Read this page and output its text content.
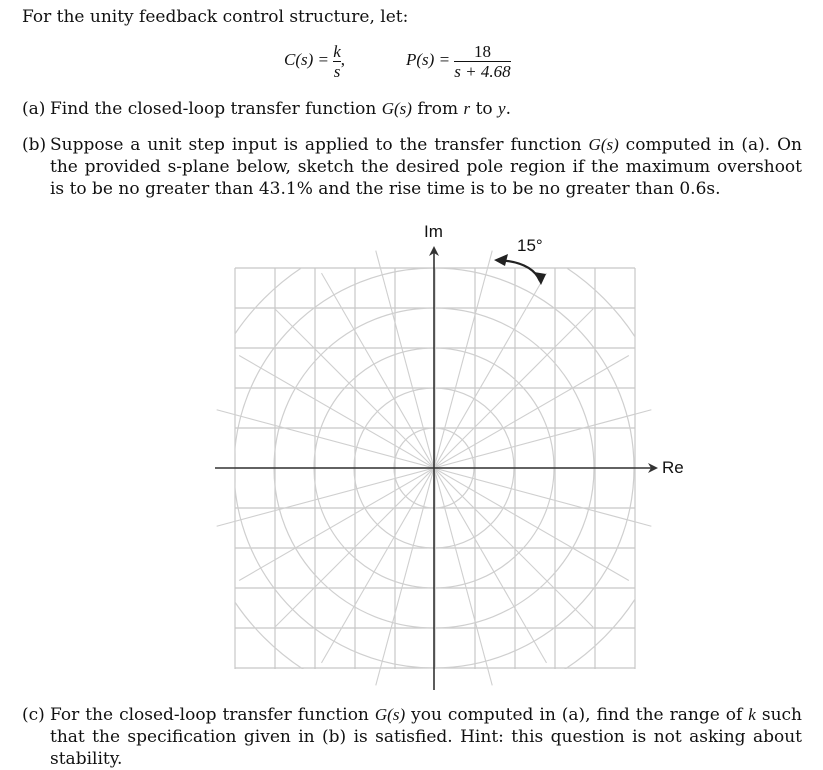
For the unity feedback control structure, let:
$C(s) = \frac{k}{s}$ ,	$P(s) = \frac{18}{s + 4.68}$
(a) Find the closed-loop transfer function G(s) from r to y.
(b) Suppose a unit step input is applied to the transfer function G(s) computed in (a). On the provided s-plane below, sketch the desired pole region if the maximum overshoot is to be no greater than 43.1% and the rise time is to be no greater than 0.6s.
Im
Re
15°
(c) For the closed-loop transfer function G(s) you computed in (a), find the range of k such that the specification given in (b) is satisfied. Hint: this question is not asking about stability.
